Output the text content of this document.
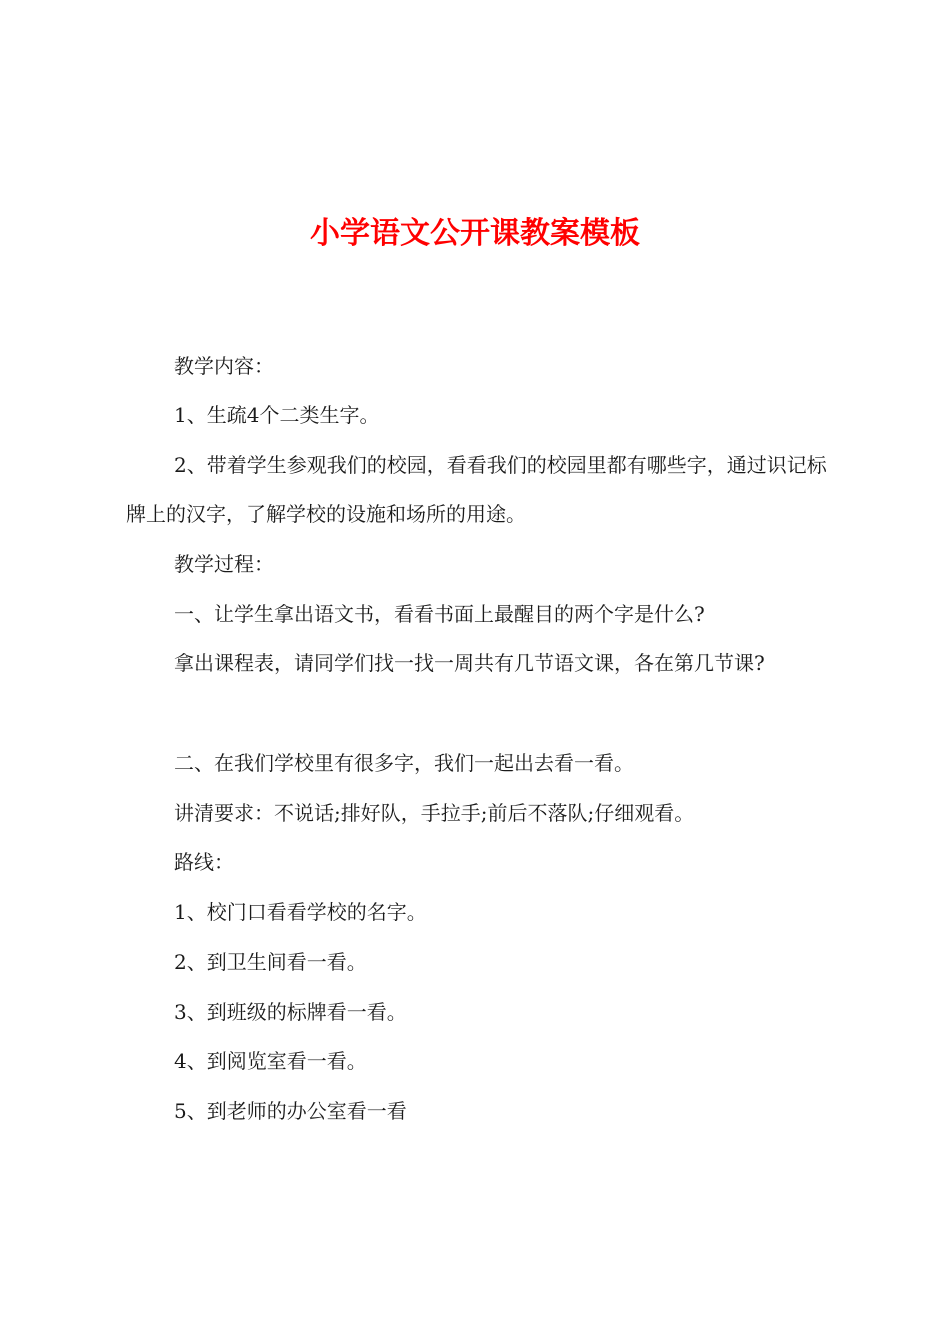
小学语文公开课教案模板

教学内容：

1、生疏4个二类生字。

2、带着学生参观我们的校园，看看我们的校园里都有哪些字，通过识记标牌上的汉字，了解学校的设施和场所的用途。

教学过程：

一、让学生拿出语文书，看看书面上最醒目的两个字是什么?

拿出课程表，请同学们找一找一周共有几节语文课，各在第几节课?

二、在我们学校里有很多字，我们一起出去看一看。

讲清要求：不说话;排好队，手拉手;前后不落队;仔细观看。

路线：

1、校门口看看学校的名字。

2、到卫生间看一看。

3、到班级的标牌看一看。

4、到阅览室看一看。

5、到老师的办公室看一看
